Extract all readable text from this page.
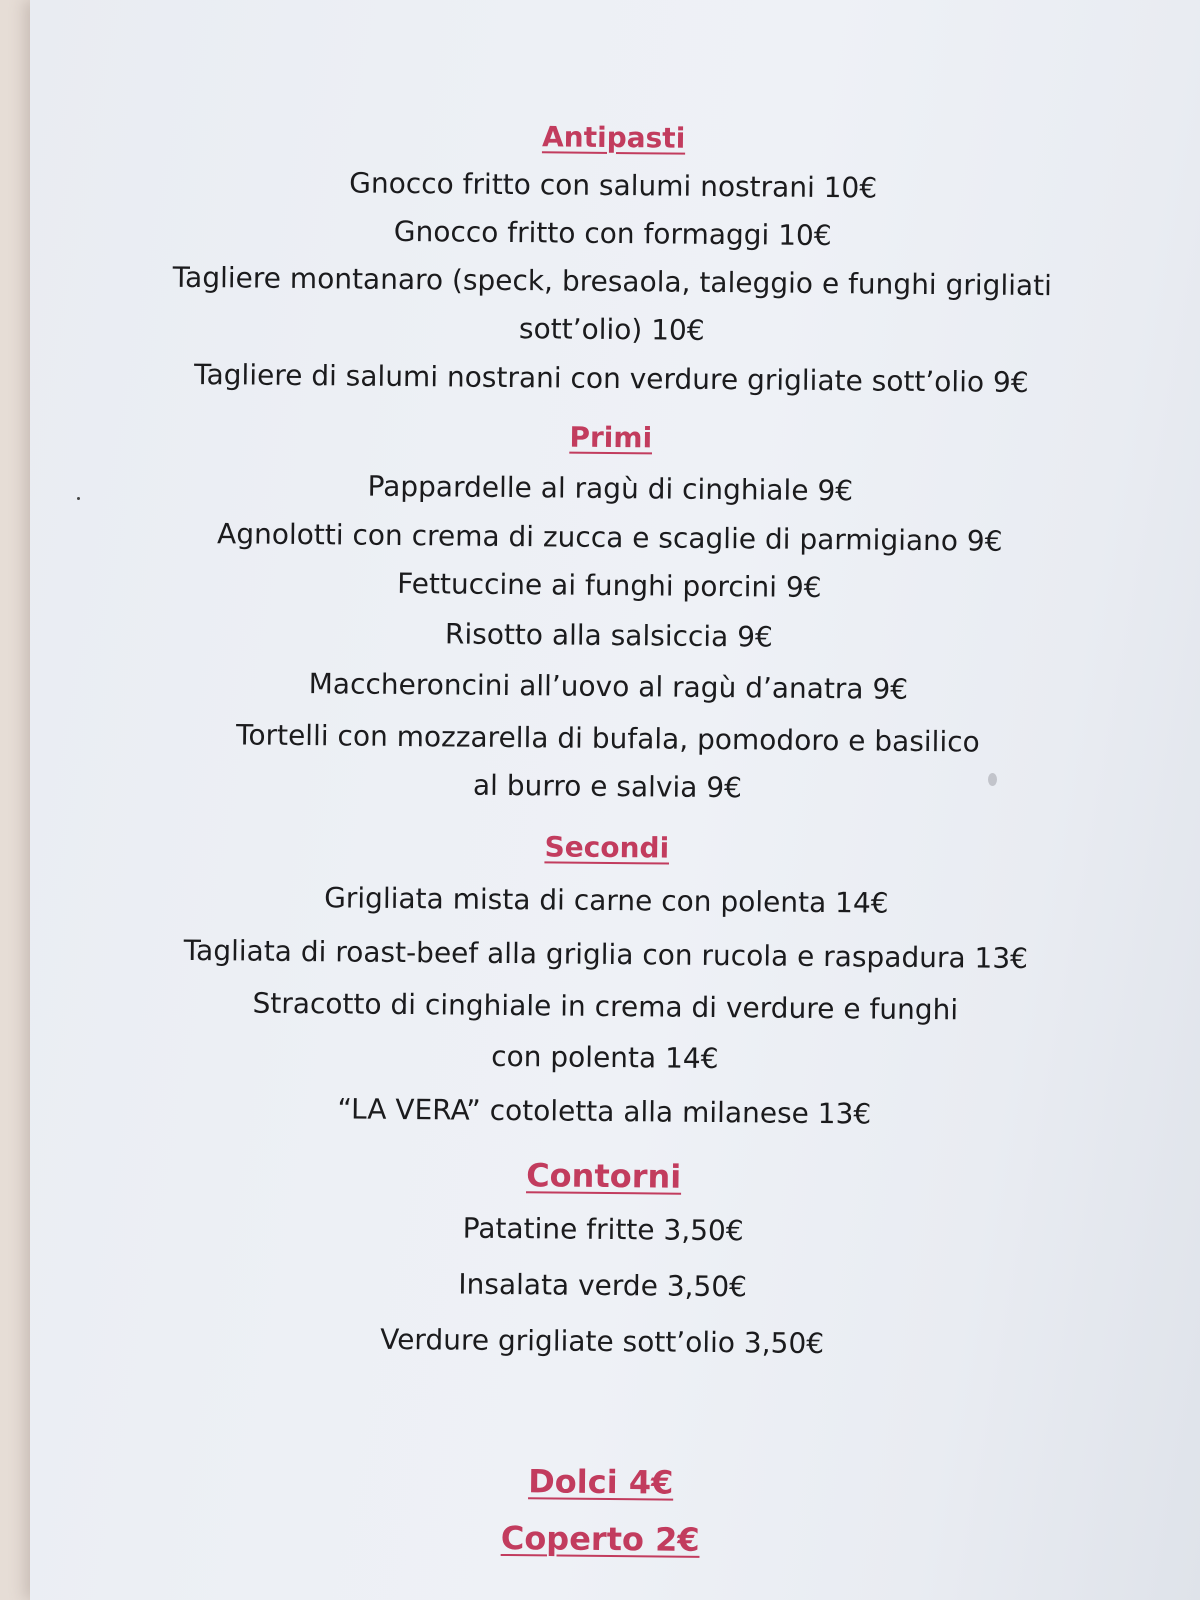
Antipasti
Gnocco fritto con salumi nostrani 10€
Gnocco fritto con formaggi 10€
Tagliere montanaro (speck, bresaola, taleggio e funghi grigliati
sott’olio) 10€
Tagliere di salumi nostrani con verdure grigliate sott’olio 9€
Primi
Pappardelle al ragù di cinghiale 9€
Agnolotti con crema di zucca e scaglie di parmigiano 9€
Fettuccine ai funghi porcini 9€
Risotto alla salsiccia 9€
Maccheroncini all’uovo al ragù d’anatra 9€
Tortelli con mozzarella di bufala, pomodoro e basilico
al burro e salvia 9€
Secondi
Grigliata mista di carne con polenta 14€
Tagliata di roast-beef alla griglia con rucola e raspadura 13€
Stracotto di cinghiale in crema di verdure e funghi
con polenta 14€
“LA VERA” cotoletta alla milanese 13€
Contorni
Patatine fritte 3,50€
Insalata verde 3,50€
Verdure grigliate sott’olio 3,50€
Dolci 4€
Coperto 2€
